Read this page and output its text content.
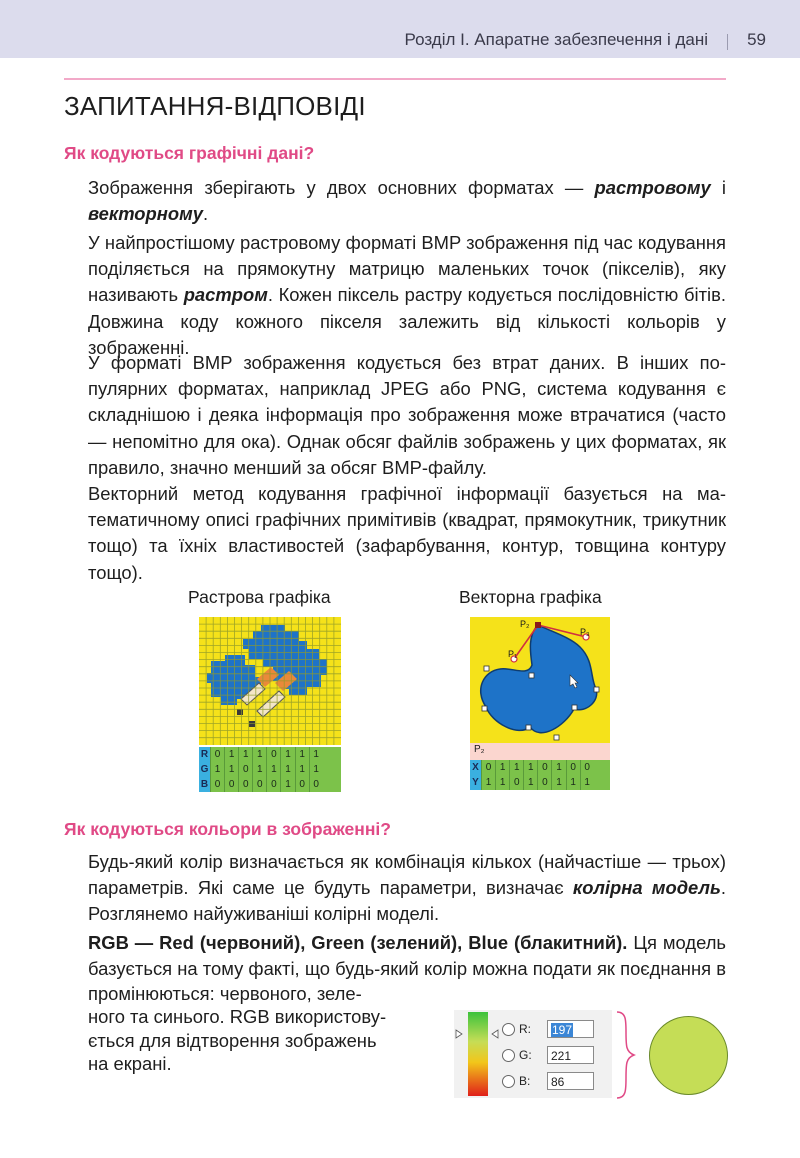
Розділ I. Апаратне забезпечення і дані 59
ЗАПИТАННЯ-ВІДПОВІДІ
Як кодуються графічні дані?

Зображення зберігають у двох основних форматах — растровому і векторному.

У найпростішому растровому форматі BMP зображення під час кодування поділяється на прямокутну матрицю маленьких точок (пікселів), яку називають растром. Кожен піксель растру кодується послідовністю бітів. Довжина коду кожного пікселя залежить від кількості кольорів у зображенні.

У форматі BMP зображення кодується без втрат даних. В інших популярних форматах, наприклад JPEG або PNG, система кодування є складнішою і деяка інформація про зображення може втрачатися (часто — непомітно для ока). Однак обсяг файлів зображень у цих форматах, як правило, значно менший за обсяг BMP-файлу.

Векторний метод кодування графічної інформації базується на математичному описі графічних примітивів (квадрат, прямокутник, трикутник тощо) та їхніх властивостей (зафарбування, контур, товщина контуру тощо).

Растрова графіка	Векторна графіка
R 0 1 1 1 0 1 1 1
G 1 1 0 1 1 1 1 1
B 0 0 0 0 0 1 0 0
P₂
P₃
P₁
P₂
X 0 1 1 1 0 1 0 0
Y 1 1 0 1 0 1 1 1
Як кодуються кольори в зображенні?

Будь-який колір визначається як комбінація кількох (найчастіше — трьох) параметрів. Які саме це будуть параметри, визначає колірна модель. Розглянемо найуживаніші колірні моделі.

RGB — Red (червоний), Green (зелений), Blue (блакитний). Ця модель базується на тому факті, що будь-який колір можна подати як поєднання в

ного та синього. RGB використову-
ється для відтворення зображень
на екрані.
промінюються: червоного, зеле-
R:	197
G:	221
B:	86
